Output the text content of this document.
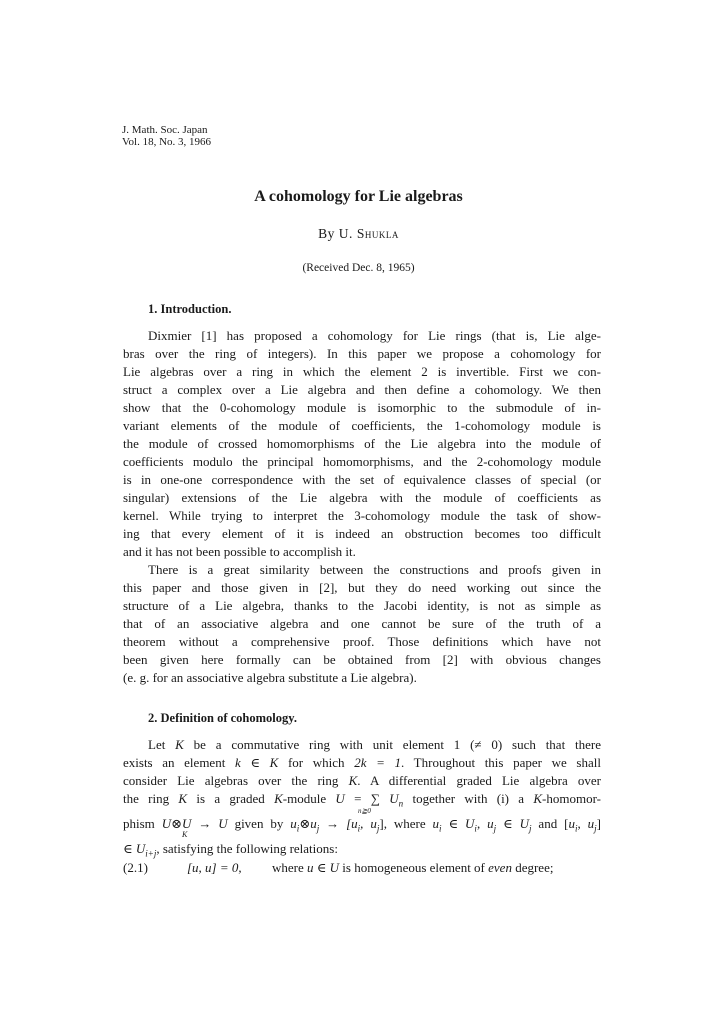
J. Math. Soc. Japan
Vol. 18, No. 3, 1966
A cohomology for Lie algebras
By U. Shukla
(Received Dec. 8, 1965)
1. Introduction.
Dixmier [1] has proposed a cohomology for Lie rings (that is, Lie alge-
bras over the ring of integers). In this paper we propose a cohomology for
Lie algebras over a ring in which the element 2 is invertible. First we con-
struct a complex over a Lie algebra and then define a cohomology. We then
show that the 0-cohomology module is isomorphic to the submodule of in-
variant elements of the module of coefficients, the 1-cohomology module is
the module of crossed homomorphisms of the Lie algebra into the module of
coefficients modulo the principal homomorphisms, and the 2-cohomology module
is in one-one correspondence with the set of equivalence classes of special (or
singular) extensions of the Lie algebra with the module of coefficients as
kernel. While trying to interpret the 3-cohomology module the task of show-
ing that every element of it is indeed an obstruction becomes too difficult
and it has not been possible to accomplish it.
There is a great similarity between the constructions and proofs given in
this paper and those given in [2], but they do need working out since the
structure of a Lie algebra, thanks to the Jacobi identity, is not as simple as
that of an associative algebra and one cannot be sure of the truth of a
theorem without a comprehensive proof. Those definitions which have not
been given here formally can be obtained from [2] with obvious changes
(e. g. for an associative algebra substitute a Lie algebra).
2. Definition of cohomology.
Let K be a commutative ring with unit element 1 (≠ 0) such that there
exists an element k ∈ K for which 2k = 1. Throughout this paper we shall
consider Lie algebras over the ring K. A differential graded Lie algebra over
the ring K is a graded K-module U = ∑ $U_n$ together with (i) a K-homomor-
n≧0
phism U⊗U → U given by $u_i\otimes u_j \to [u_i$, $u_j$], where $u_i$ ∈ $U_i$, $u_j$ ∈ $U_j$ and [$u_i$, $u_j$]
K
∈ $U_{i+j}$, satisfying the following relations:
(2.1)	[u, u] = 0, where u ∈ U is homogeneous element of even degree;
